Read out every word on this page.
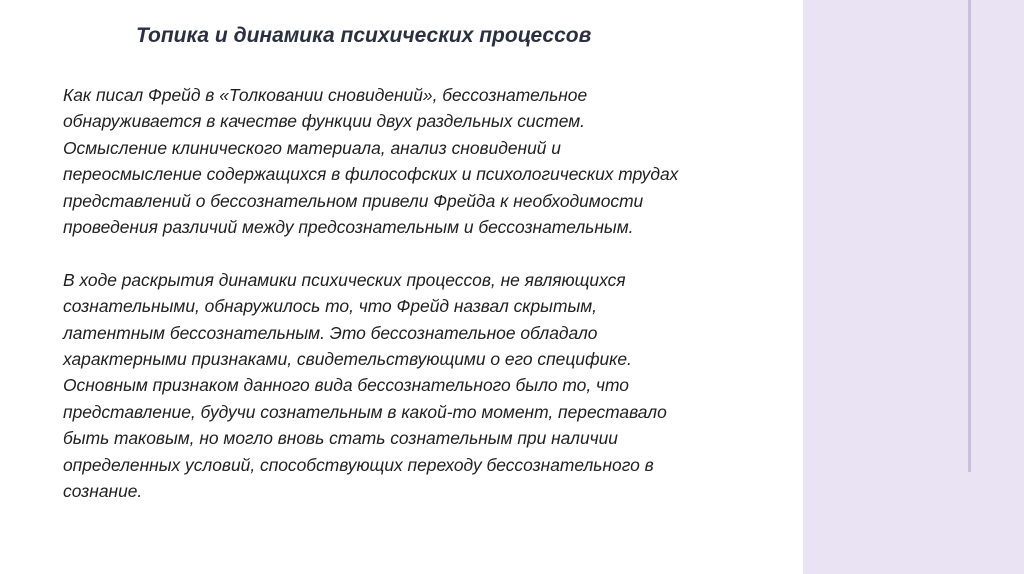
Топика и динамика психических процессов
Как писал Фрейд в «Толковании сновидений», бессознательное
обнаруживается в качестве функции двух раздельных систем.
Осмысление клинического материала, анализ сновидений и
переосмысление содержащихся в философских и психологических трудах
представлений о бессознательном привели Фрейда к необходимости
проведения различий между предсознательным и бессознательным.
В ходе раскрытия динамики психических процессов, не являющихся
сознательными, обнаружилось то, что Фрейд назвал скрытым,
латентным бессознательным. Это бессознательное обладало
характерными признаками, свидетельствующими о его специфике.
Основным признаком данного вида бессознательного было то, что
представление, будучи сознательным в какой-то момент, переставало
быть таковым, но могло вновь стать сознательным при наличии
определенных условий, способствующих переходу бессознательного в
сознание.
